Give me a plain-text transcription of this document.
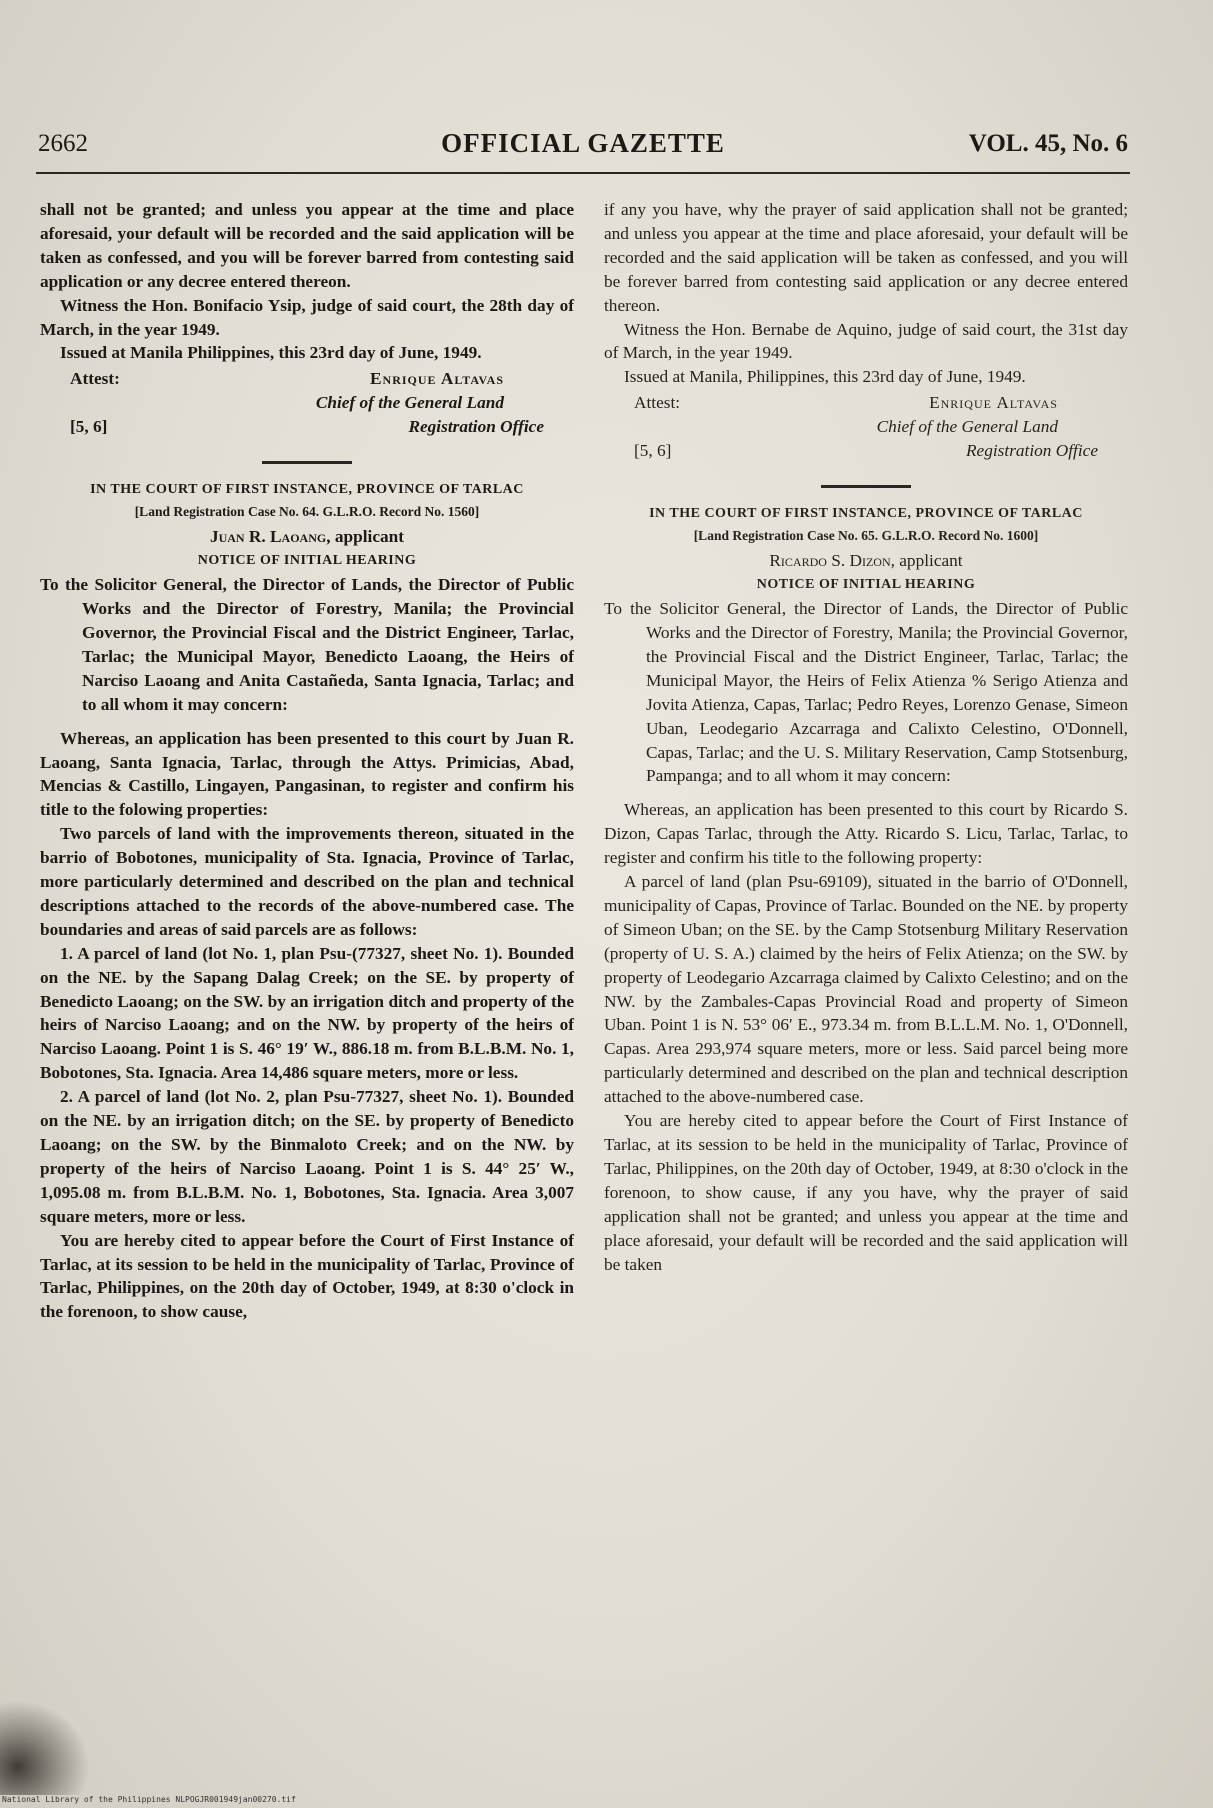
2662	OFFICIAL GAZETTE	VOL. 45, No. 6

shall not be granted; and unless you appear at the time and place aforesaid, your default will be recorded and the said application will be taken as confessed, and you will be forever barred from contesting said application or any decree entered thereon.

Witness the Hon. Bonifacio Ysip, judge of said court, the 28th day of March, in the year 1949.

Issued at Manila Philippines, this 23rd day of June, 1949.

Attest:	Enrique Altavas
Chief of the General Land
[5, 6]	Registration Office

IN THE COURT OF FIRST INSTANCE, PROVINCE OF TARLAC

[Land Registration Case No. 64. G.L.R.O. Record No. 1560]

Juan R. Laoang, applicant

NOTICE OF INITIAL HEARING

To the Solicitor General, the Director of Lands, the Director of Public Works and the Director of Forestry, Manila; the Provincial Governor, the Provincial Fiscal and the District Engineer, Tarlac, Tarlac; the Municipal Mayor, Benedicto Laoang, the Heirs of Narciso Laoang and Anita Castañeda, Santa Ignacia, Tarlac; and to all whom it may concern:

Whereas, an application has been presented to this court by Juan R. Laoang, Santa Ignacia, Tarlac, through the Attys. Primicias, Abad, Mencias & Castillo, Lingayen, Pangasinan, to register and confirm his title to the folowing properties:

Two parcels of land with the improvements thereon, situated in the barrio of Bobotones, municipality of Sta. Ignacia, Province of Tarlac, more particularly determined and described on the plan and technical descriptions attached to the records of the above-numbered case. The boundaries and areas of said parcels are as follows:

1. A parcel of land (lot No. 1, plan Psu-(77327, sheet No. 1). Bounded on the NE. by the Sapang Dalag Creek; on the SE. by property of Benedicto Laoang; on the SW. by an irrigation ditch and property of the heirs of Narciso Laoang; and on the NW. by property of the heirs of Narciso Laoang. Point 1 is S. 46° 19′ W., 886.18 m. from B.L.B.M. No. 1, Bobotones, Sta. Ignacia. Area 14,486 square meters, more or less.

2. A parcel of land (lot No. 2, plan Psu-77327, sheet No. 1). Bounded on the NE. by an irrigation ditch; on the SE. by property of Benedicto Laoang; on the SW. by the Binmaloto Creek; and on the NW. by property of the heirs of Narciso Laoang. Point 1 is S. 44° 25′ W., 1,095.08 m. from B.L.B.M. No. 1, Bobotones, Sta. Ignacia. Area 3,007 square meters, more or less.

You are hereby cited to appear before the Court of First Instance of Tarlac, at its session to be held in the municipality of Tarlac, Province of Tarlac, Philippines, on the 20th day of October, 1949, at 8:30 o'clock in the forenoon, to show cause,

if any you have, why the prayer of said application shall not be granted; and unless you appear at the time and place aforesaid, your default will be recorded and the said application will be taken as confessed, and you will be forever barred from contesting said application or any decree entered thereon.

Witness the Hon. Bernabe de Aquino, judge of said court, the 31st day of March, in the year 1949.

Issued at Manila, Philippines, this 23rd day of June, 1949.

Attest:	Enrique Altavas
Chief of the General Land
[5, 6]	Registration Office

IN THE COURT OF FIRST INSTANCE, PROVINCE OF TARLAC

[Land Registration Case No. 65. G.L.R.O. Record No. 1600]

Ricardo S. Dizon, applicant

NOTICE OF INITIAL HEARING

To the Solicitor General, the Director of Lands, the Director of Public Works and the Director of Forestry, Manila; the Provincial Governor, the Provincial Fiscal and the District Engineer, Tarlac, Tarlac; the Municipal Mayor, the Heirs of Felix Atienza % Serigo Atienza and Jovita Atienza, Capas, Tarlac; Pedro Reyes, Lorenzo Genase, Simeon Uban, Leodegario Azcarraga and Calixto Celestino, O'Donnell, Capas, Tarlac; and the U. S. Military Reservation, Camp Stotsenburg, Pampanga; and to all whom it may concern:

Whereas, an application has been presented to this court by Ricardo S. Dizon, Capas Tarlac, through the Atty. Ricardo S. Licu, Tarlac, Tarlac, to register and confirm his title to the following property:

A parcel of land (plan Psu-69109), situated in the barrio of O'Donnell, municipality of Capas, Province of Tarlac. Bounded on the NE. by property of Simeon Uban; on the SE. by the Camp Stotsenburg Military Reservation (property of U. S. A.) claimed by the heirs of Felix Atienza; on the SW. by property of Leodegario Azcarraga claimed by Calixto Celestino; and on the NW. by the Zambales-Capas Provincial Road and property of Simeon Uban. Point 1 is N. 53° 06′ E., 973.34 m. from B.L.L.M. No. 1, O'Donnell, Capas. Area 293,974 square meters, more or less. Said parcel being more particularly determined and described on the plan and technical description attached to the above-numbered case.

You are hereby cited to appear before the Court of First Instance of Tarlac, at its session to be held in the municipality of Tarlac, Province of Tarlac, Philippines, on the 20th day of October, 1949, at 8:30 o'clock in the forenoon, to show cause, if any you have, why the prayer of said application shall not be granted; and unless you appear at the time and place aforesaid, your default will be recorded and the said application will be taken

National Library of the Philippines NLPOGJR001949jan00270.tif
